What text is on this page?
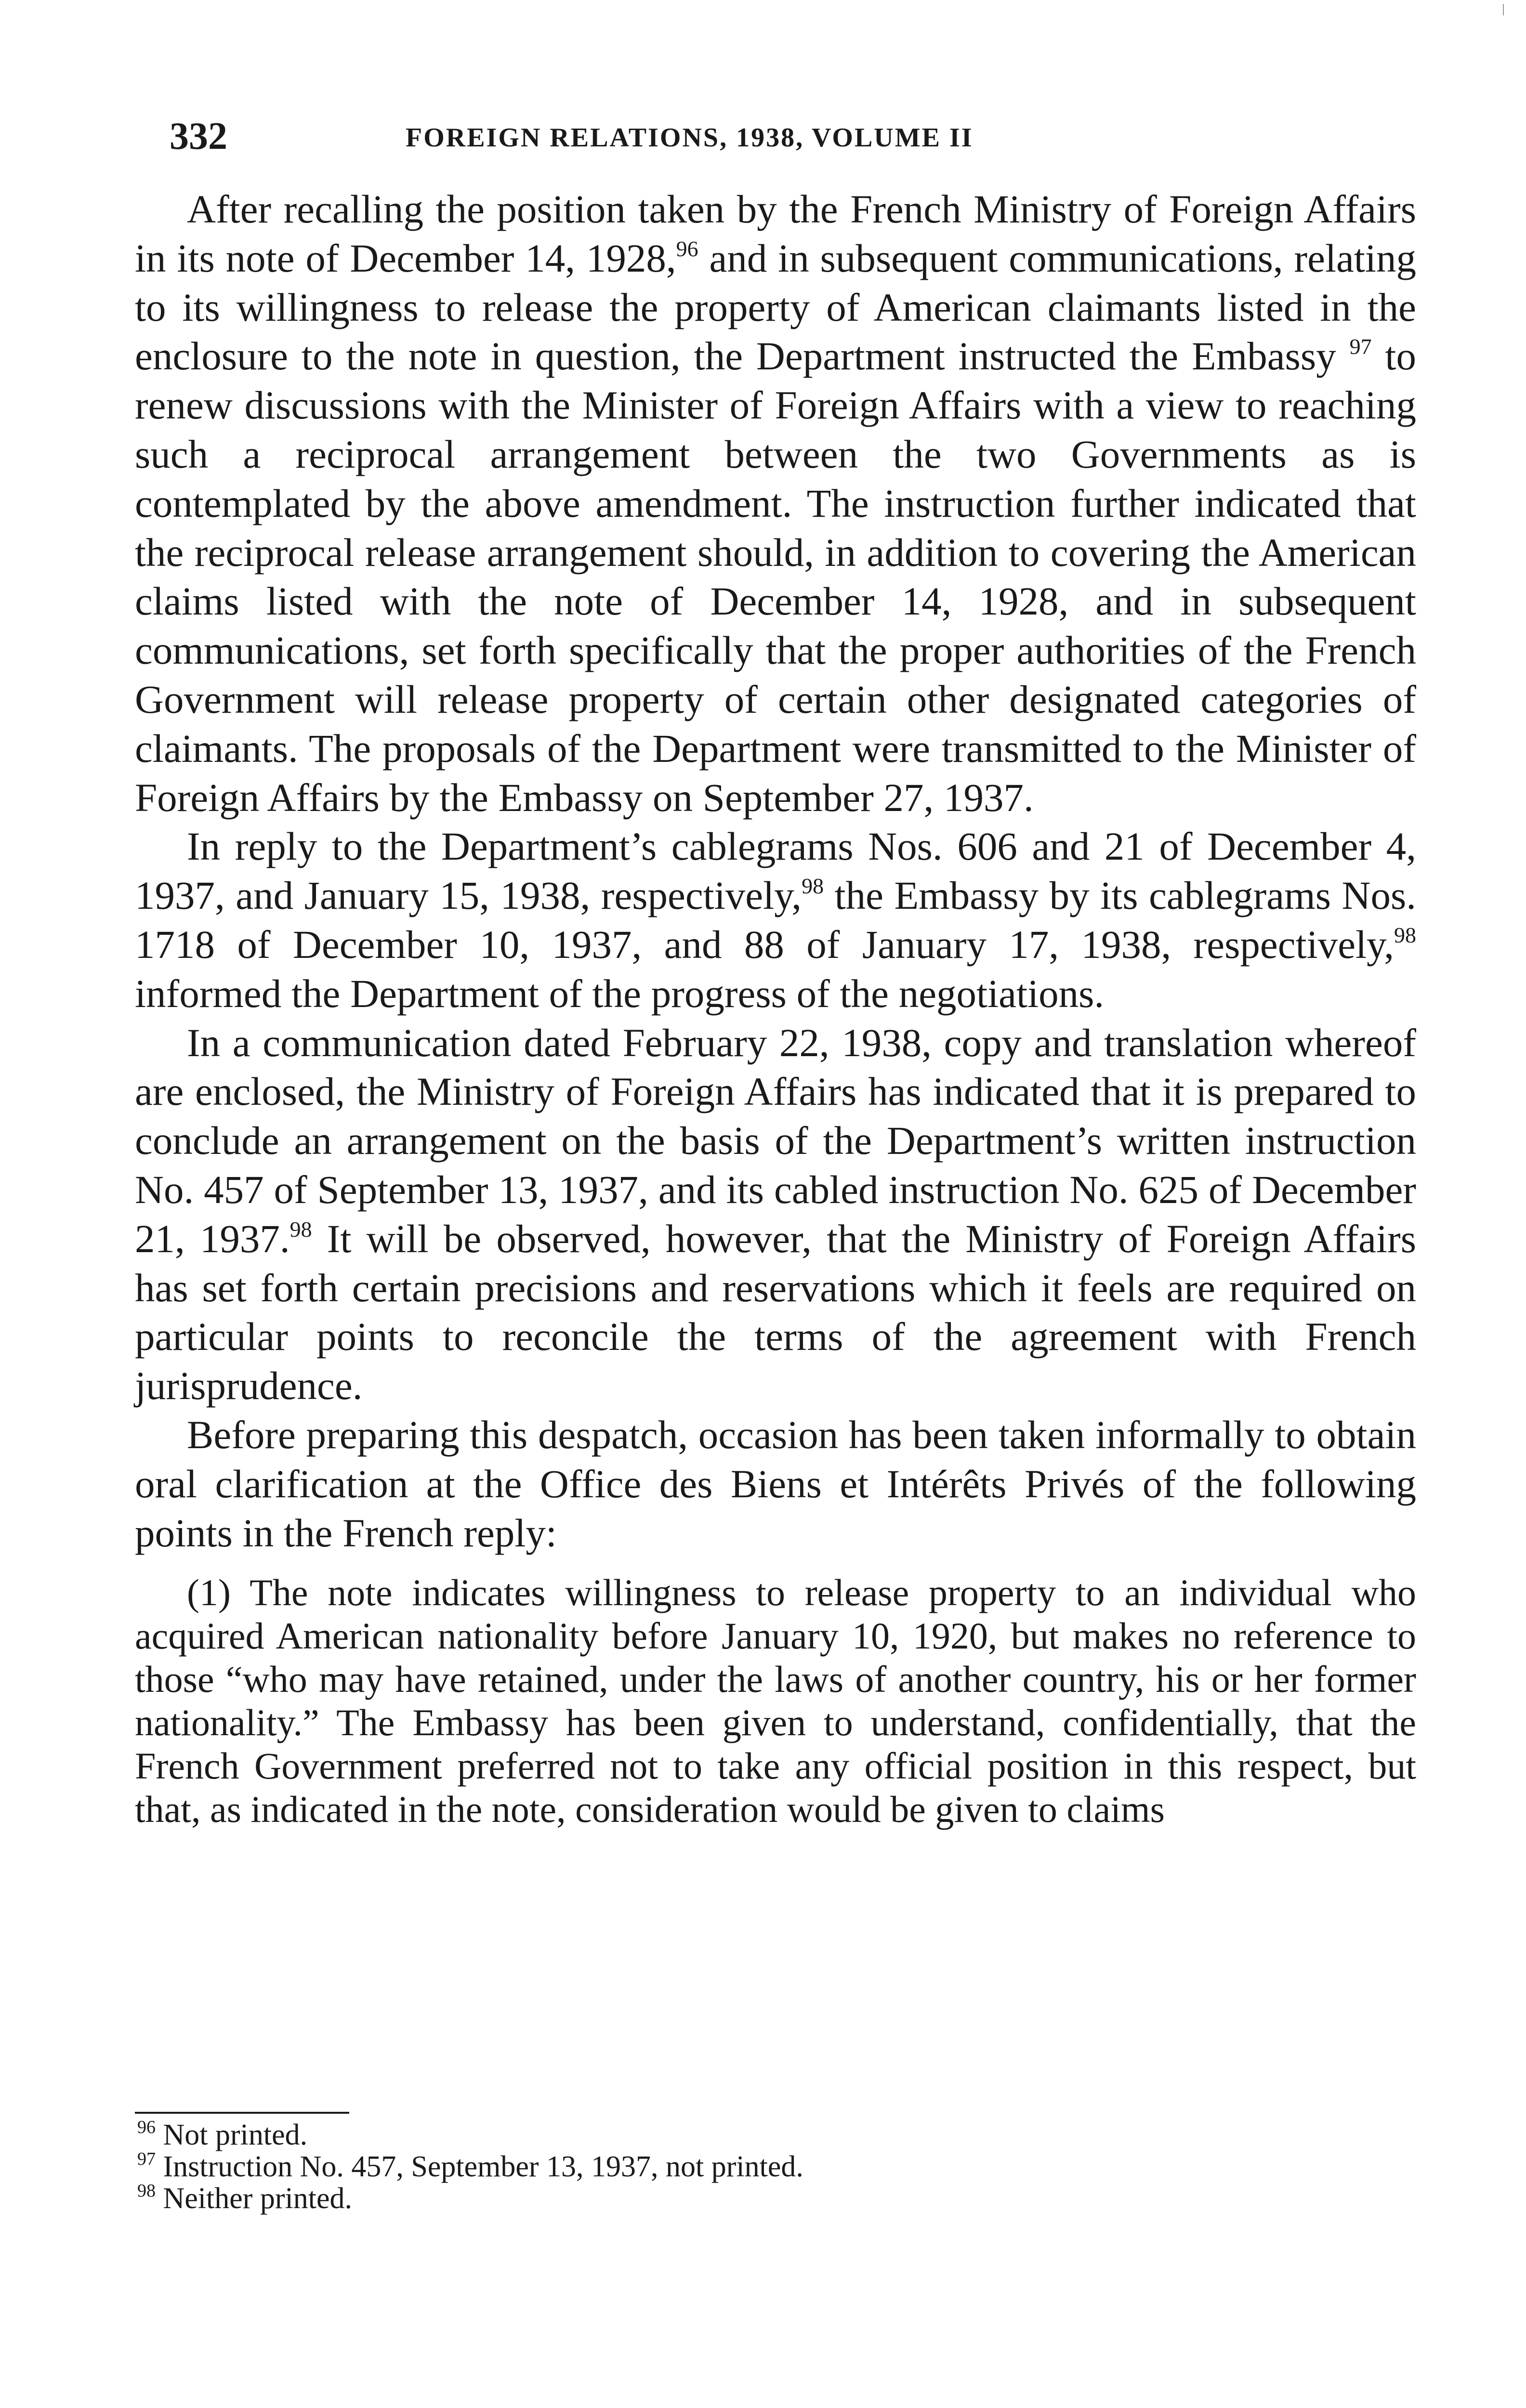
332	FOREIGN RELATIONS, 1938, VOLUME II

After recalling the position taken by the French Ministry of Foreign Affairs in its note of December 14, 1928,96 and in subsequent communications, relating to its willingness to release the property of American claimants listed in the enclosure to the note in question, the Department instructed the Embassy $^{97}$ to renew discussions with the Minister of Foreign Affairs with a view to reaching such a reciprocal arrangement between the two Governments as is contemplated by the above amendment. The instruction further indicated that the reciprocal release arrangement should, in addition to covering the American claims listed with the note of December 14, 1928, and in subsequent communications, set forth specifically that the proper authorities of the French Government will release property of certain other designated categories of claimants. The proposals of the Department were transmitted to the Minister of Foreign Affairs by the Embassy on September 27, 1937.

In reply to the Department’s cablegrams Nos. 606 and 21 of December 4, 1937, and January 15, 1938, respectively,$^{98}$ the Embassy by its cablegrams Nos. 1718 of December 10, 1937, and 88 of January 17, 1938, respectively,$^{98}$ informed the Department of the progress of the negotiations.

In a communication dated February 22, 1938, copy and translation whereof are enclosed, the Ministry of Foreign Affairs has indicated that it is prepared to conclude an arrangement on the basis of the Department’s written instruction No. 457 of September 13, 1937, and its cabled instruction No. 625 of December 21, 1937.98 It will be observed, however, that the Ministry of Foreign Affairs has set forth certain precisions and reservations which it feels are required on particular points to reconcile the terms of the agreement with French jurisprudence.

Before preparing this despatch, occasion has been taken informally to obtain oral clarification at the Office des Biens et Intérêts Privés of the following points in the French reply:

(1) The note indicates willingness to release property to an individual who acquired American nationality before January 10, 1920, but makes no reference to those “who may have retained, under the laws of another country, his or her former nationality.” The Embassy has been given to understand, confidentially, that the French Government preferred not to take any official position in this respect, but that, as indicated in the note, consideration would be given to claims

$^{96}$ Not printed.

$^{97}$ Instruction No. 457, September 13, 1937, not printed.

$^{98}$ Neither printed.
